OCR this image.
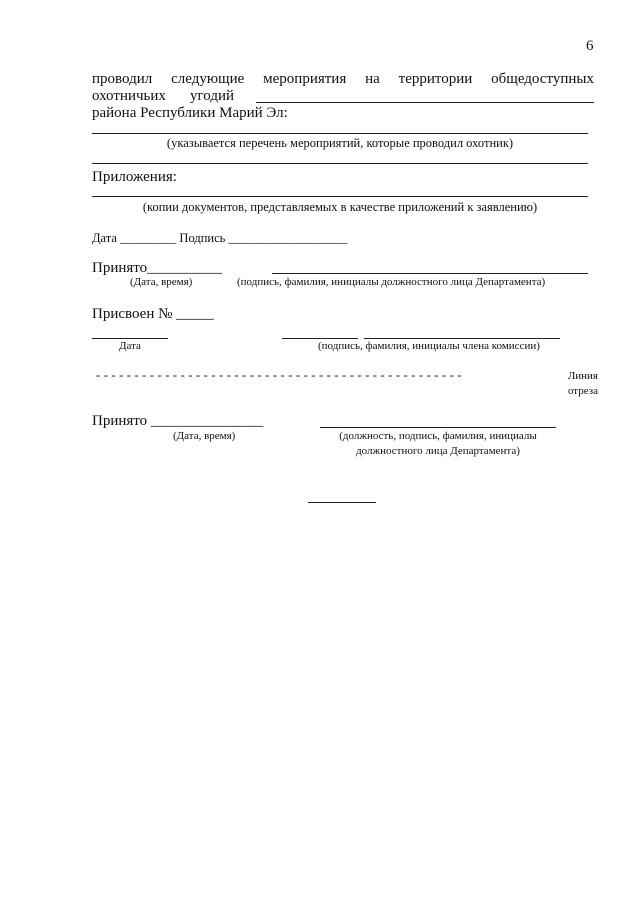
6
проводил следующие мероприятия на территории общедоступных
охотничьих угодий
района Республики Марий Эл:
(указывается перечень мероприятий, которые проводил охотник)
Приложения:
(копии документов, представляемых в качестве приложений к заявлению)
Дата _________ Подпись ___________________
Принято__________
(Дата, время)	(подпись, фамилия, инициалы должностного лица Департамента)
Присвоен № _____
Дата	(подпись, фамилия, инициалы члена комиссии)
- - - - - - - - - - - - - - - - - - - - - - - - - - - - - - - - - - - - - - - - - - - - - - - -	Линия
отреза
Принято _______________
(Дата, время)	(должность, подпись, фамилия, инициалы
должностного лица Департамента)
